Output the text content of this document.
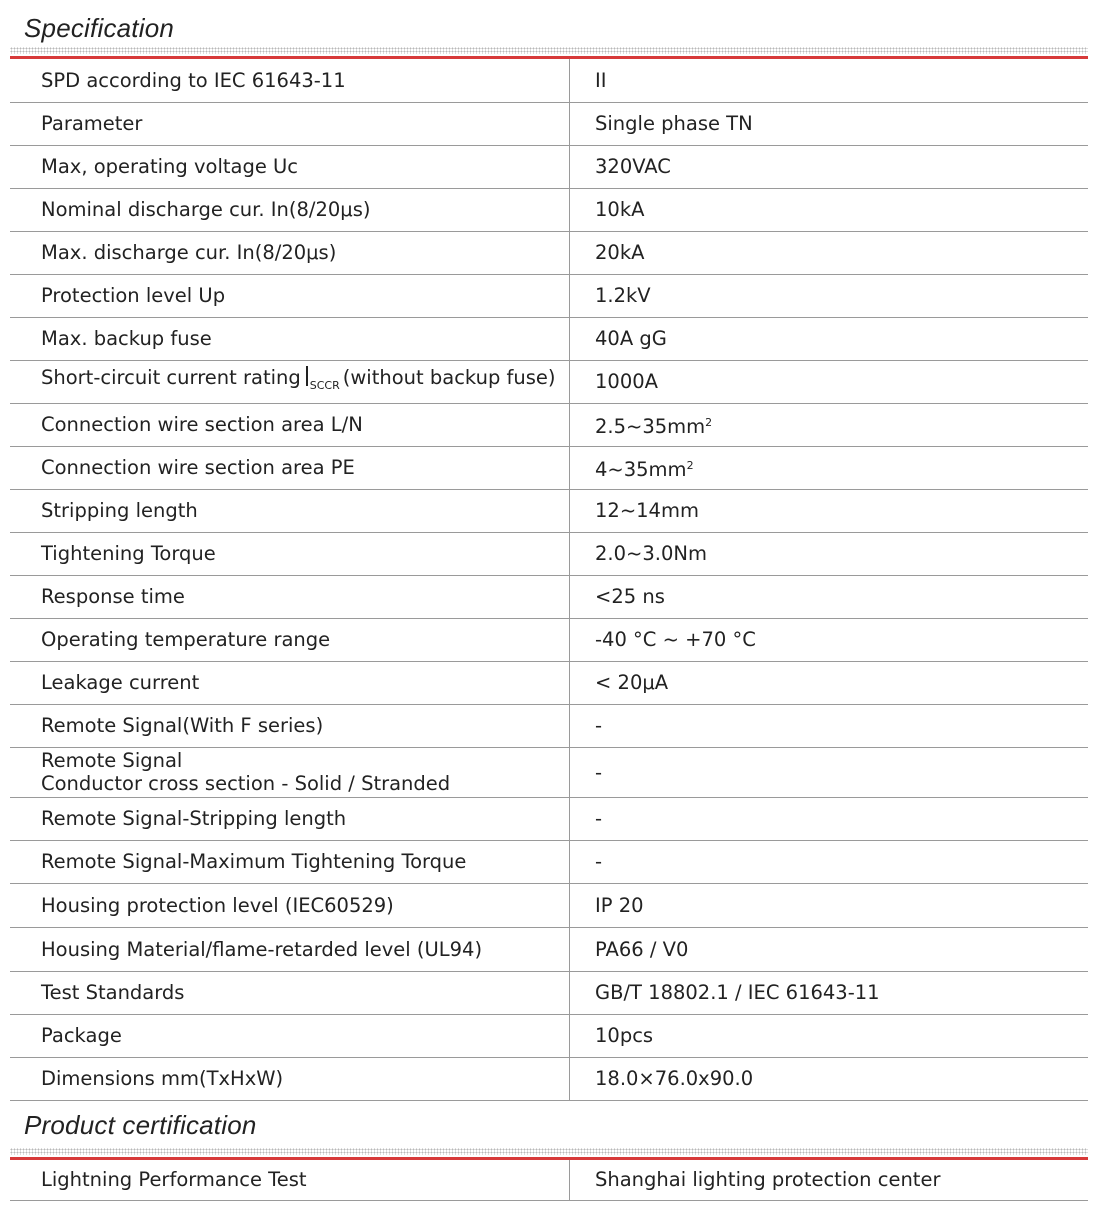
Specification
SPD according to IEC 61643-11	II
Parameter	Single phase TN
Max, operating voltage Uc	320VAC
Nominal discharge cur. In(8/20μs)	10kA
Max. discharge cur. In(8/20μs)	20kA
Protection level Up	1.2kV
Max. backup fuse	40A gG
Short-circuit current rating $_{SCCR}$ (without backup fuse)	1000A
Connection wire section area L/N	$2.5\sim 35mm^2$
Connection wire section area PE	$4\sim 35mm^2$
Stripping length	12~14mm
Tightening Torque	2.0~3.0Nm
Response time	<25 ns
Operating temperature range	-40 °C ~ +70 °C
Leakage current	< 20μA
Remote Signal(With F series)	-
Remote Signal
Conductor cross section - Solid / Stranded	-
Remote Signal-Stripping length	-
Remote Signal-Maximum Tightening Torque	-
Housing protection level (IEC60529)	IP 20
Housing Material/flame-retarded level (UL94)	PA66 / V0
Test Standards	GB/T 18802.1 / IEC 61643-11
Package	10pcs
Dimensions mm(TxHxW)	18.0×76.0x90.0
Product certification
Lightning Performance Test	Shanghai lighting protection center
